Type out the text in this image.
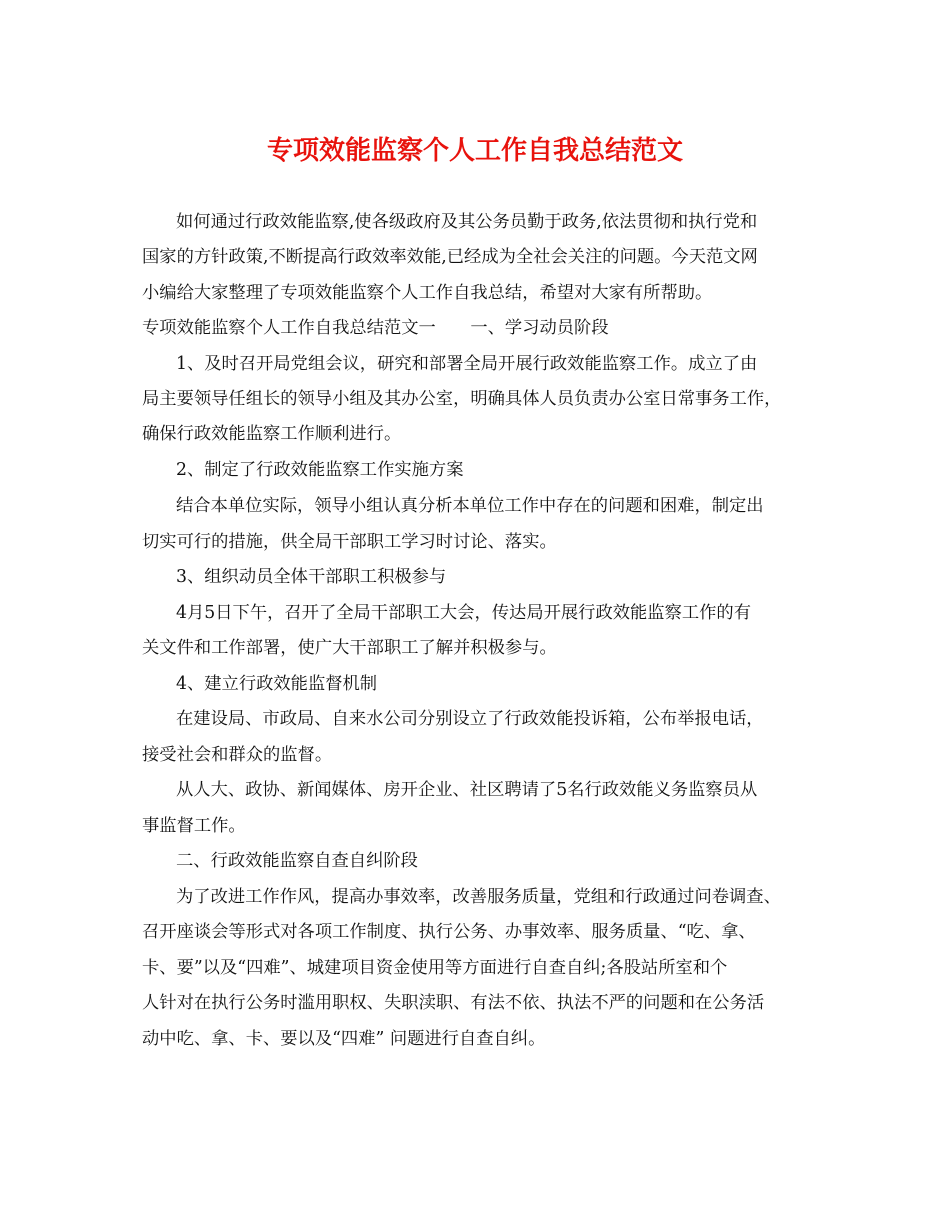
专项效能监察个人工作自我总结范文

如何通过行政效能监察,使各级政府及其公务员勤于政务,依法贯彻和执行党和

国家的方针政策,不断提高行政效率效能,已经成为全社会关注的问题。今天范文网

小编给大家整理了专项效能监察个人工作自我总结，希望对大家有所帮助。

专项效能监察个人工作自我总结范文一　　一、学习动员阶段

1、及时召开局党组会议，研究和部署全局开展行政效能监察工作。成立了由

局主要领导任组长的领导小组及其办公室，明确具体人员负责办公室日常事务工作，

确保行政效能监察工作顺利进行。

2、制定了行政效能监察工作实施方案

结合本单位实际，领导小组认真分析本单位工作中存在的问题和困难，制定出

切实可行的措施，供全局干部职工学习时讨论、落实。

3、组织动员全体干部职工积极参与

4月5日下午，召开了全局干部职工大会，传达局开展行政效能监察工作的有

关文件和工作部署，使广大干部职工了解并积极参与。

4、建立行政效能监督机制

在建设局、市政局、自来水公司分别设立了行政效能投诉箱，公布举报电话，

接受社会和群众的监督。

从人大、政协、新闻媒体、房开企业、社区聘请了5名行政效能义务监察员从

事监督工作。

二、行政效能监察自查自纠阶段

为了改进工作作风，提高办事效率，改善服务质量，党组和行政通过问卷调查、

召开座谈会等形式对各项工作制度、执行公务、办事效率、服务质量、“吃、拿、

卡、要”以及“四难”、城建项目资金使用等方面进行自查自纠;各股站所室和个

人针对在执行公务时滥用职权、失职渎职、有法不依、执法不严的问题和在公务活

动中吃、拿、卡、要以及“四难” 问题进行自查自纠。
